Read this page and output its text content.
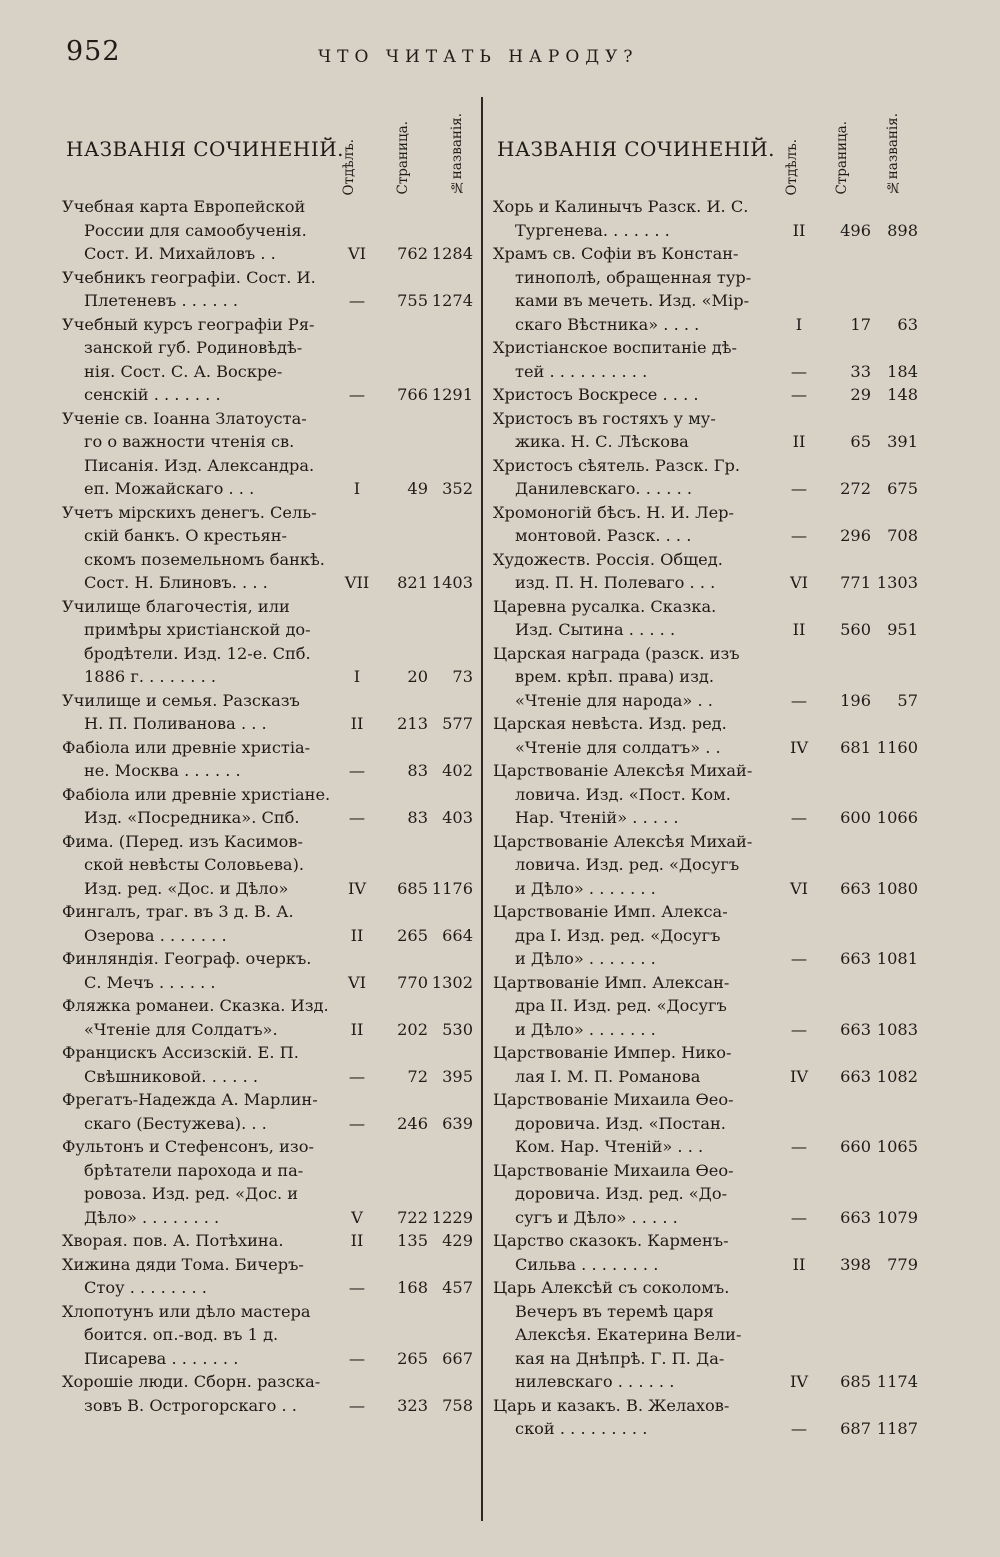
952	ЧТО ЧИТАТЬ НАРОДУ?
НАЗВАНІЯ СОЧИНЕНІЙ.
Отдѣлъ.	Страница.	№названія.
Учебная карта Европейской
России для самообученія.
Сост. И. Михайловъ . .	VI	762 1284
Учебникъ географіи. Сост. И.
Плетеневъ . . . . . .	—	755 1274
Учебный курсъ географіи Ря-
занской губ. Родиновѣдѣ-
нія. Сост. С. А. Воскре-
сенскій . . . . . . .	—	766 1291
Ученіе св. Іоанна Златоуста-
го о важности чтенія св.
Писанія. Изд. Александра.
еп. Можайскаго . . .	I	49 352
Учетъ мірскихъ денегъ. Сель-
скій банкъ. О крестьян-
скомъ поземельномъ банкѣ.
Сост. Н. Блиновъ. . . .	VII	821 1403
Училище благочестія, или
примѣры христіанской до-
бродѣтели. Изд. 12-е. Спб.
1886 г. . . . . . . .	I	20	73
Училище и семья. Разсказъ
Н. П. Поливанова . . .	II	213 577
Фабіола или древніе христіа-
не. Москва . . . . . .	—	83 402
Фабіола или древніе христіане.
Изд. «Посредника». Спб.	—	83 403
Фима. (Перед. изъ Касимов-
ской невѣсты Соловьева).
Изд. ред. «Дос. и Дѣло»	IV	685 1176
Фингалъ, траг. въ 3 д. В. А.
Озерова . . . . . . .	II	265 664
Финляндія. Географ. очеркъ.
С. Мечъ . . . . . .	VI	770 1302
Фляжка романеи. Сказка. Изд.
«Чтеніе для Солдатъ».	II	202 530
Францискъ Ассизскій. Е. П.
Свѣшниковой. . . . . .	—	72 395
Фрегатъ-Надежда А. Марлин-
скаго (Бестужева). . .	—	246 639
Фультонъ и Стефенсонъ, изо-
брѣтатели парохода и па-
ровоза. Изд. ред. «Дос. и
Дѣло» . . . . . . . .	V	722 1229
Хворая. пов. А. Потѣхина.	II	135 429
Хижина дяди Тома. Бичеръ-
Стоу . . . . . . . .	—	168 457
Хлопотунъ или дѣло мастера
боится. оп.-вод. въ 1 д.
Писарева . . . . . . .	—	265 667
Хорошіе люди. Сборн. разска-
зовъ В. Острогорскаго . .	—	323 758
НАЗВАНІЯ СОЧИНЕНІЙ. Отдѣлъ.	Страница.	№названія.
Хорь и Калинычъ Разск. И. С.
Тургенева. . . . . . .	II	496 898
Храмъ св. Софіи въ Констан-
тинополѣ, обращенная тур-
ками въ мечеть. Изд. «Мір-
скаго Вѣстника» . . . .	I	17	63
Христіанское воспитаніе дѣ-
тей . . . . . . . . . .	—	33 184
Христосъ Воскресе . . . .	—	29 148
Христосъ въ гостяхъ у му-
жика. Н. С. Лѣскова	II	65 391
Христосъ сѣятель. Разск. Гр.
Данилевскаго. . . . . .	—	272 675
Хромоногій бѣсъ. Н. И. Лер-
монтовой. Разск. . . .	—	296 708
Художеств. Россія. Общед.
изд. П. Н. Полеваго . . .	VI	771 1303
Царевна русалка. Сказка.
Изд. Сытина . . . . .	II	560 951
Царская награда (разск. изъ
врем. крѣп. права) изд.
«Чтеніе для народа» . .	—	196	57
Царская невѣста. Изд. ред.
«Чтеніе для солдатъ» . .	IV	681 1160
Царствованіе Алексѣя Михай-
ловича. Изд. «Пост. Ком.
Нар. Чтеній» . . . . .	—	600 1066
Царствованіе Алексѣя Михай-
ловича. Изд. ред. «Досугъ
и Дѣло» . . . . . . .	VI	663 1080
Царствованіе Имп. Алекса-
дра I. Изд. ред. «Досугъ
и Дѣло» . . . . . . .	—	663 1081
Цартвованіе Имп. Алексан-
дра II. Изд. ред. «Досугъ
и Дѣло» . . . . . . .	—	663 1083
Царствованіе Импер. Нико-
лая I. М. П. Романова	IV	663 1082
Царствованіе Михаила Ѳео-
доровича. Изд. «Постан.
Ком. Нар. Чтеній» . . .	—	660 1065
Царствованіе Михаила Ѳео-
доровича. Изд. ред. «До-
сугъ и Дѣло» . . . . .	—	663 1079
Царство сказокъ. Карменъ-
Сильва . . . . . . . .	II	398 779
Царь Алексѣй съ соколомъ.
Вечеръ въ теремѣ царя
Алексѣя. Екатерина Вели-
кая на Днѣпрѣ. Г. П. Да-
нилевскаго . . . . . .	IV	685 1174
Царь и казакъ. В. Желахов-
ской . . . . . . . . .	—	687 1187
